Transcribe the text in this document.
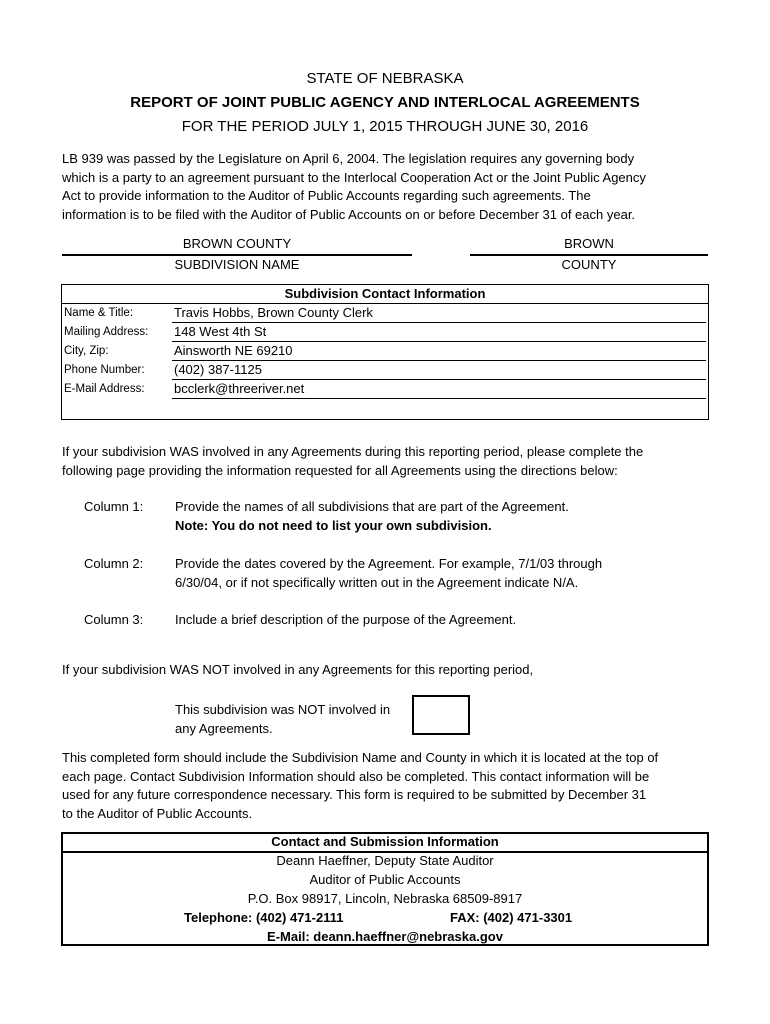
STATE OF NEBRASKA
REPORT OF JOINT PUBLIC AGENCY AND INTERLOCAL AGREEMENTS
FOR THE PERIOD JULY 1, 2015 THROUGH JUNE 30, 2016
LB 939 was passed by the Legislature on April 6, 2004. The legislation requires any governing body
which is a party to an agreement pursuant to the Interlocal Cooperation Act or the Joint Public Agency
Act to provide information to the Auditor of Public Accounts regarding such agreements. The
information is to be filed with the Auditor of Public Accounts on or before December 31 of each year.
BROWN COUNTY
SUBDIVISION NAME
BROWN
COUNTY
Subdivision Contact Information
Name & Title:	Travis Hobbs, Brown County Clerk
Mailing Address: 148 West 4th St
City, Zip:	Ainsworth NE 69210
Phone Number: (402) 387-1125
E-Mail Address: bcclerk@threeriver.net
If your subdivision WAS involved in any Agreements during this reporting period, please complete the
following page providing the information requested for all Agreements using the directions below:
Column 1: Provide the names of all subdivisions that are part of the Agreement.
Note: You do not need to list your own subdivision.
Column 2: Provide the dates covered by the Agreement. For example, 7/1/03 through
6/30/04, or if not specifically written out in the Agreement indicate N/A.
Column 3: Include a brief description of the purpose of the Agreement.
If your subdivision WAS NOT involved in any Agreements for this reporting period,
This subdivision was NOT involved in
any Agreements.
This completed form should include the Subdivision Name and County in which it is located at the top of
each page. Contact Subdivision Information should also be completed. This contact information will be
used for any future correspondence necessary. This form is required to be submitted by December 31
to the Auditor of Public Accounts.
Contact and Submission Information
Deann Haeffner, Deputy State Auditor
Auditor of Public Accounts
P.O. Box 98917, Lincoln, Nebraska 68509-8917
Telephone: (402) 471-2111	FAX: (402) 471-3301
E-Mail: deann.haeffner@nebraska.gov
